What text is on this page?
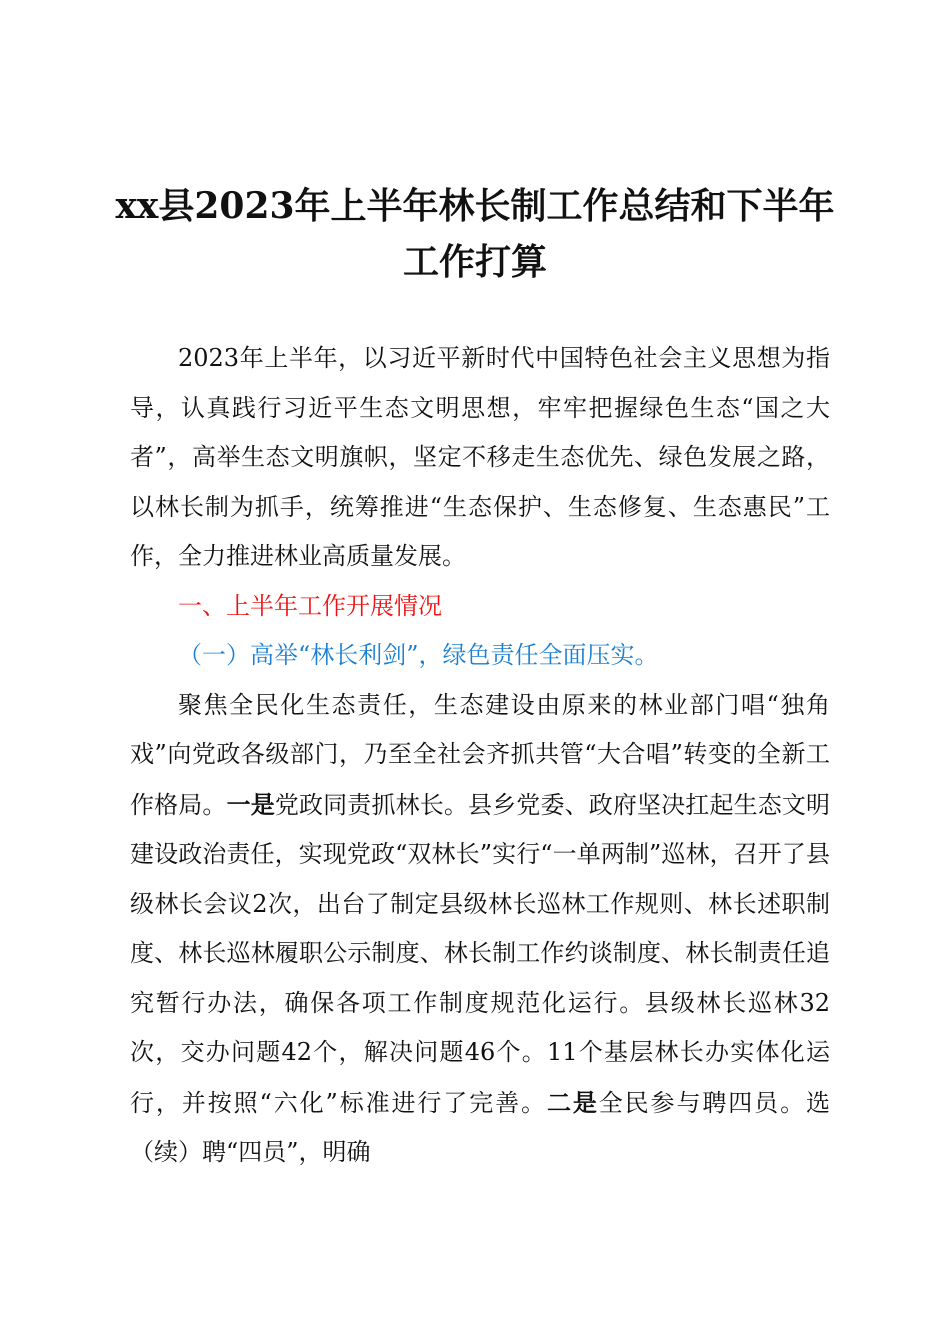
xx县2023年上半年林长制工作总结和下半年
工作打算

2023年上半年，以习近平新时代中国特色社会主义思想为指导，认真践行习近平生态文明思想，牢牢把握绿色生态“国之大者”，高举生态文明旗帜，坚定不移走生态优先、绿色发展之路，以林长制为抓手，统筹推进“生态保护、生态修复、生态惠民”工作，全力推进林业高质量发展。

一、上半年工作开展情况

（一）高举“林长利剑”，绿色责任全面压实。

聚焦全民化生态责任，生态建设由原来的林业部门唱“独角戏”向党政各级部门，乃至全社会齐抓共管“大合唱”转变的全新工作格局。一是党政同责抓林长。县乡党委、政府坚决扛起生态文明建设政治责任，实现党政“双林长”实行“一单两制”巡林，召开了县级林长会议2次，出台了制定县级林长巡林工作规则、林长述职制度、林长巡林履职公示制度、林长制工作约谈制度、林长制责任追究暂行办法，确保各项工作制度规范化运行。县级林长巡林32次，交办问题42个，解决问题46个。11个基层林长办实体化运行，并按照“六化”标准进行了完善。二是全民参与聘四员。选（续）聘“四员”，明确
